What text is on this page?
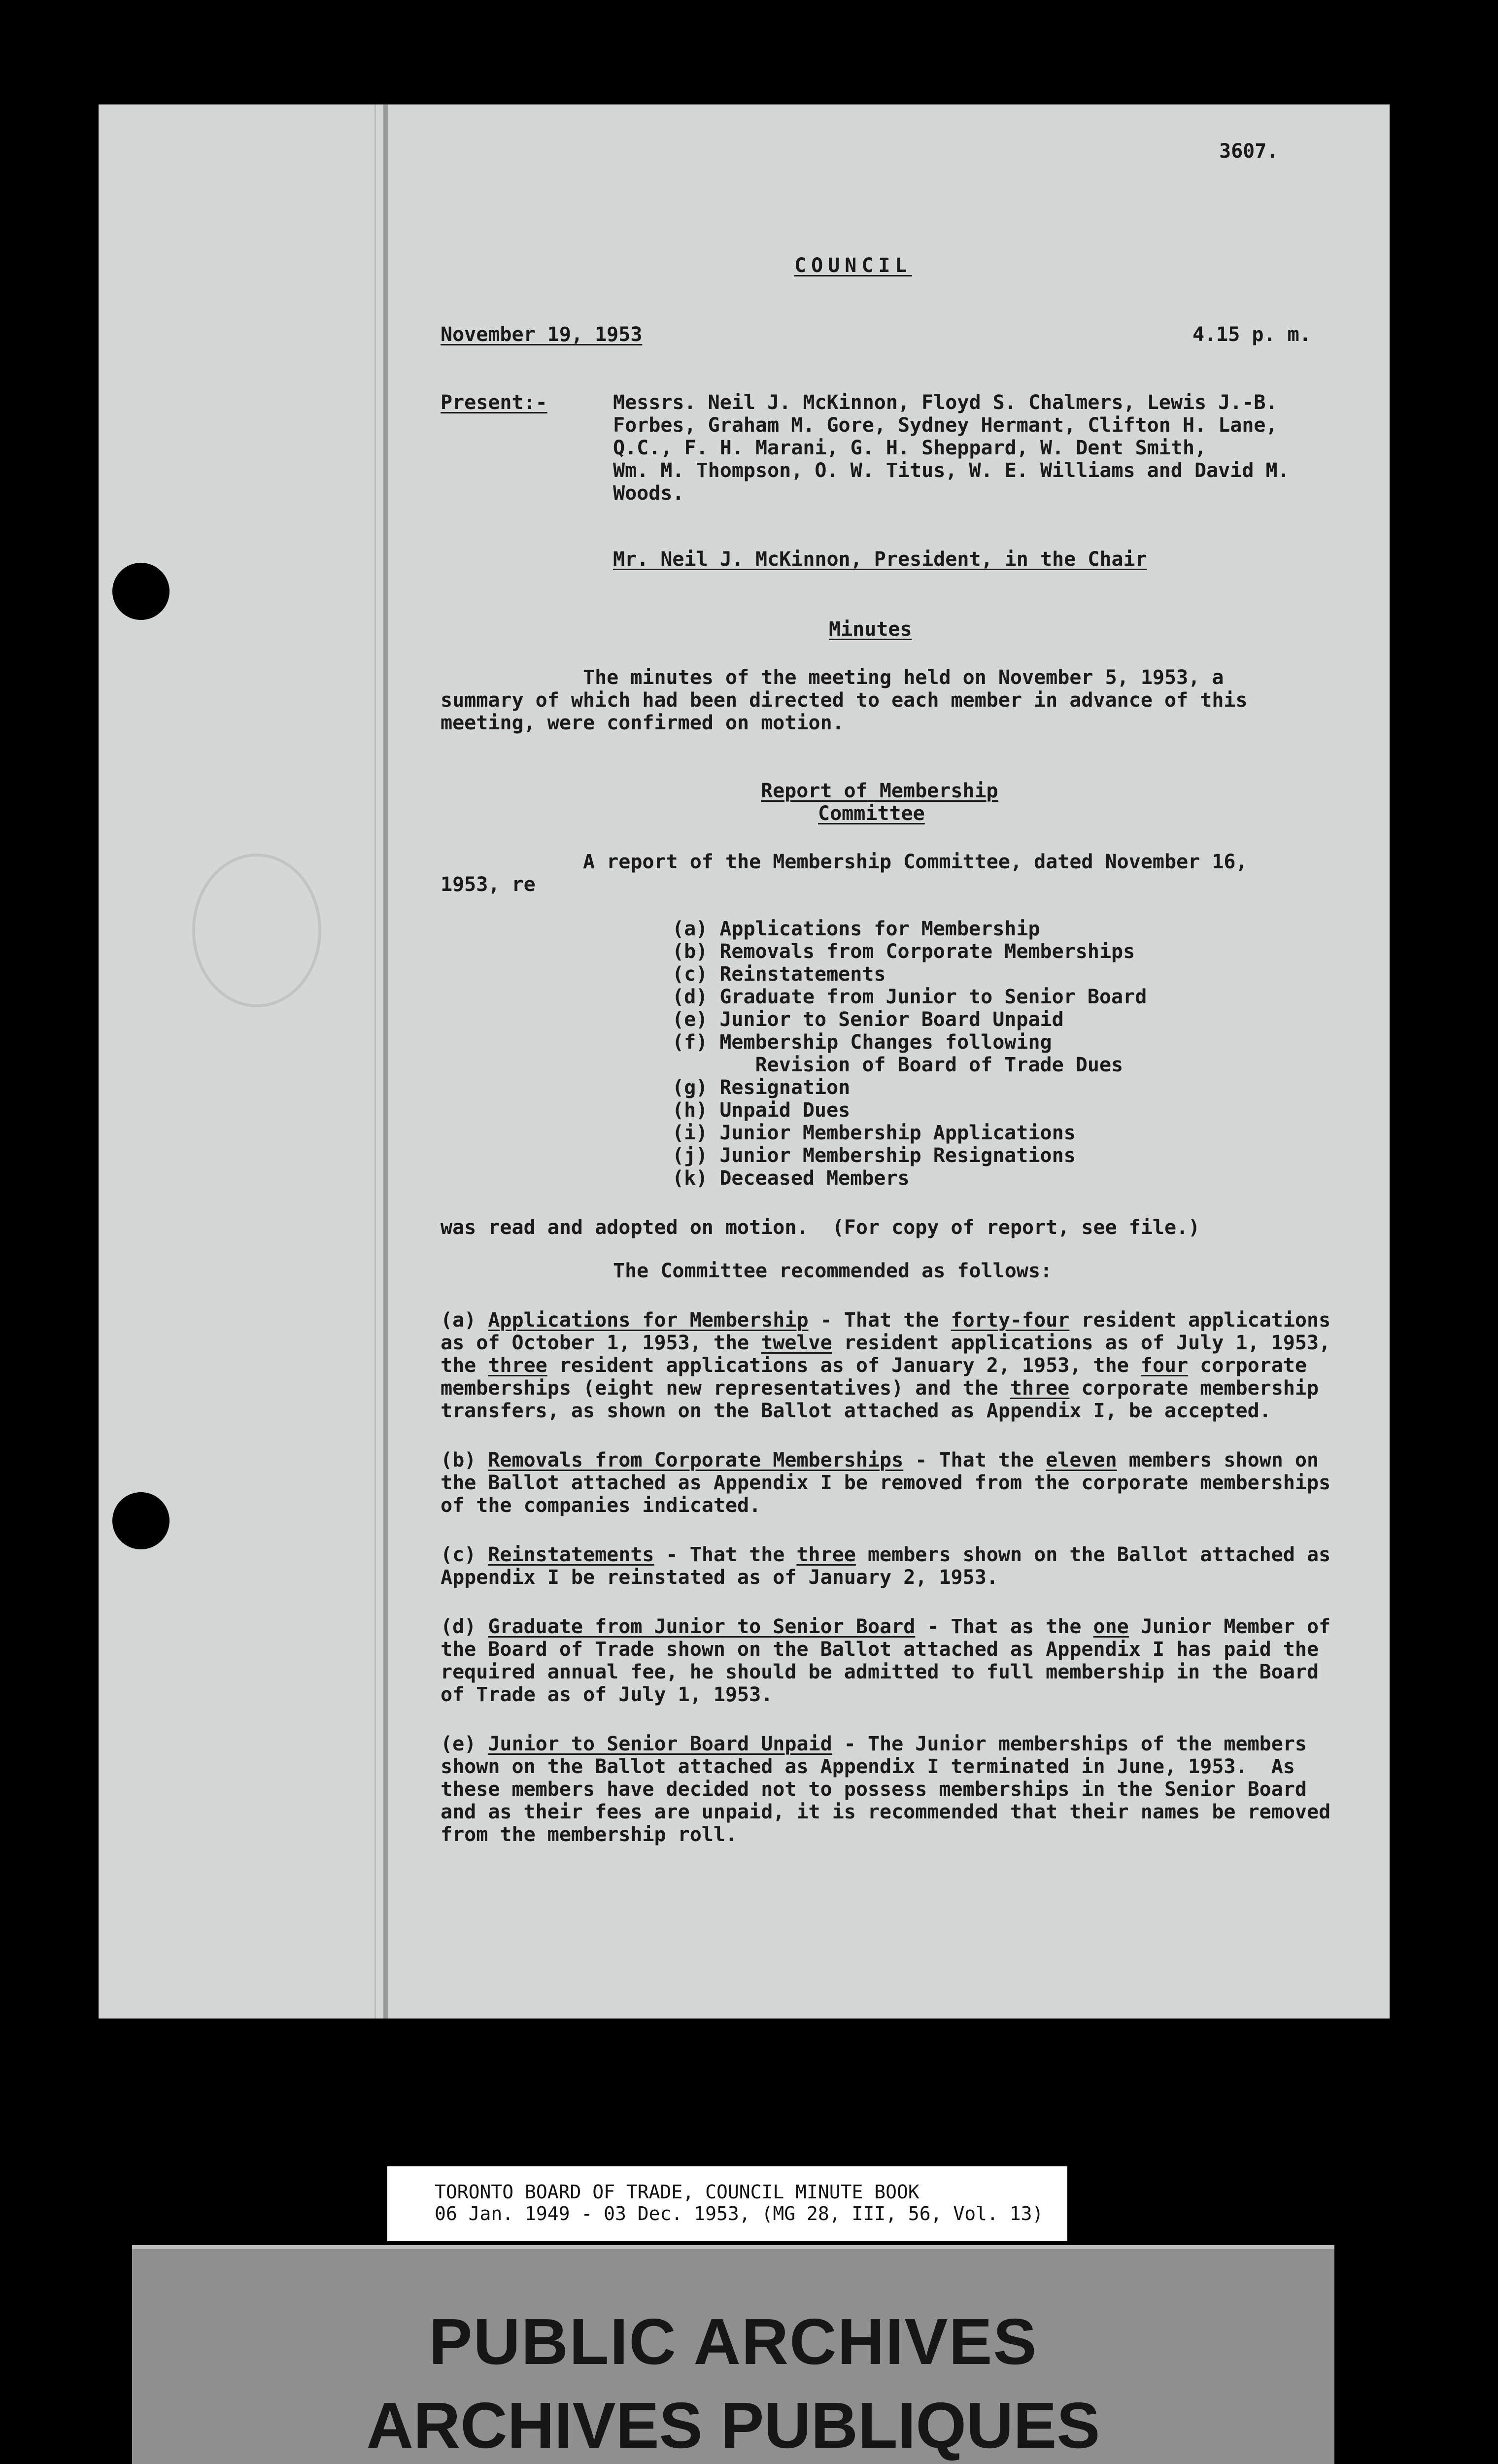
3607.
COUNCIL
November 19, 1953	4.15 p. m.
Present:-	Messrs. Neil J. McKinnon, Floyd S. Chalmers, Lewis J.-B.
Forbes, Graham M. Gore, Sydney Hermant, Clifton H. Lane,
Q.C., F. H. Marani, G. H. Sheppard, W. Dent Smith,
Wm. M. Thompson, O. W. Titus, W. E. Williams and David M.
Woods.
Mr. Neil J. McKinnon, President, in the Chair
Minutes
The minutes of the meeting held on November 5, 1953, a
summary of which had been directed to each member in advance of this
meeting, were confirmed on motion.
Report of Membership
Committee
A report of the Membership Committee, dated November 16,
1953, re
(a) Applications for Membership
(b) Removals from Corporate Memberships
(c) Reinstatements
(d) Graduate from Junior to Senior Board
(e) Junior to Senior Board Unpaid
(f) Membership Changes following
Revision of Board of Trade Dues
(g) Resignation
(h) Unpaid Dues
(i) Junior Membership Applications
(j) Junior Membership Resignations
(k) Deceased Members
was read and adopted on motion.  (For copy of report, see file.)
The Committee recommended as follows:
(a) Applications for Membership - That the forty-four resident applications
as of October 1, 1953, the twelve resident applications as of July 1, 1953,
the three resident applications as of January 2, 1953, the four corporate
memberships (eight new representatives) and the three corporate membership
transfers, as shown on the Ballot attached as Appendix I, be accepted.
(b) Removals from Corporate Memberships - That the eleven members shown on
the Ballot attached as Appendix I be removed from the corporate memberships
of the companies indicated.
(c) Reinstatements - That the three members shown on the Ballot attached as
Appendix I be reinstated as of January 2, 1953.
(d) Graduate from Junior to Senior Board - That as the one Junior Member of
the Board of Trade shown on the Ballot attached as Appendix I has paid the
required annual fee, he should be admitted to full membership in the Board
of Trade as of July 1, 1953.
(e) Junior to Senior Board Unpaid - The Junior memberships of the members
shown on the Ballot attached as Appendix I terminated in June, 1953.  As
these members have decided not to possess memberships in the Senior Board
and as their fees are unpaid, it is recommended that their names be removed
from the membership roll.
TORONTO BOARD OF TRADE, COUNCIL MINUTE BOOK
06 Jan. 1949 - 03 Dec. 1953, (MG 28, III, 56, Vol. 13)
PUBLIC ARCHIVES
ARCHIVES PUBLIQUES
